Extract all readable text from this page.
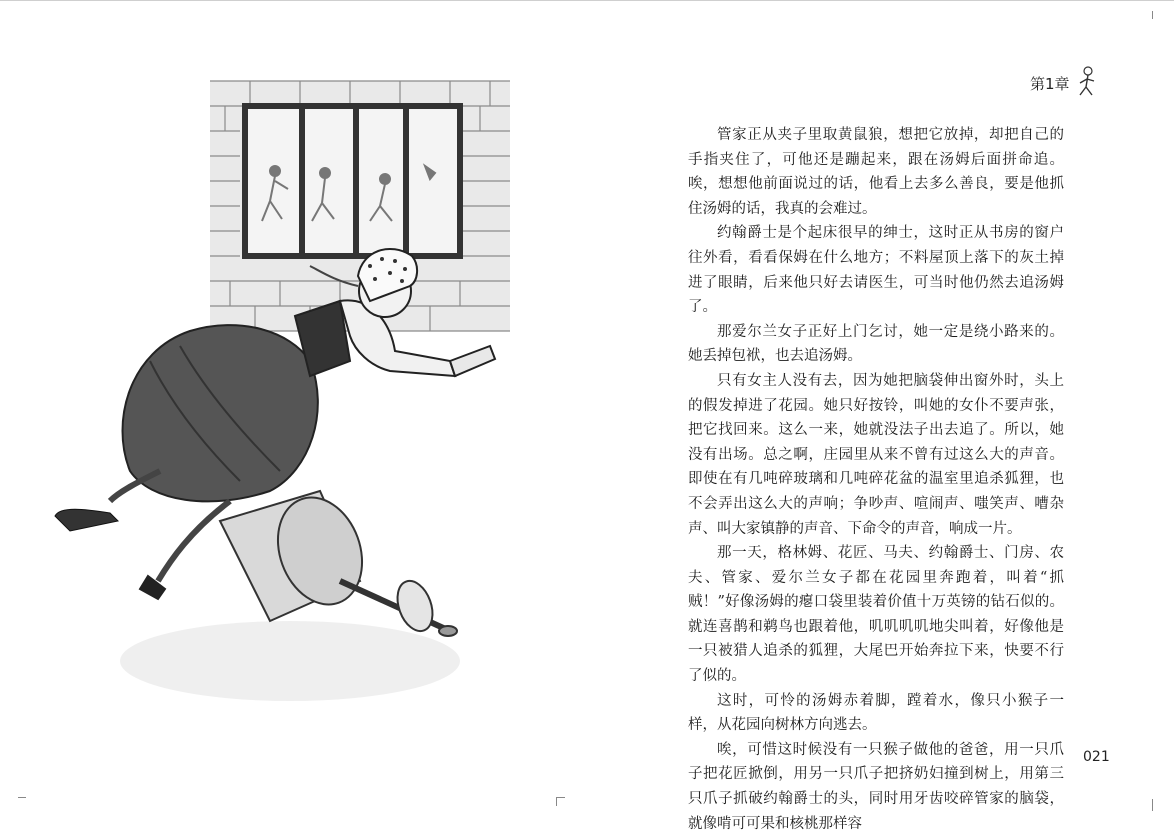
第1章

管家正从夹子里取黄鼠狼，想把它放掉，却把自己的手指夹住了，可他还是蹦起来，跟在汤姆后面拼命追。唉，想想他前面说过的话，他看上去多么善良，要是他抓住汤姆的话，我真的会难过。

约翰爵士是个起床很早的绅士，这时正从书房的窗户往外看，看看保姆在什么地方；不料屋顶上落下的灰土掉进了眼睛，后来他只好去请医生，可当时他仍然去追汤姆了。

那爱尔兰女子正好上门乞讨，她一定是绕小路来的。她丢掉包袱，也去追汤姆。

只有女主人没有去，因为她把脑袋伸出窗外时，头上的假发掉进了花园。她只好按铃，叫她的女仆不要声张，把它找回来。这么一来，她就没法子出去追了。所以，她没有出场。总之啊，庄园里从来不曾有过这么大的声音。即使在有几吨碎玻璃和几吨碎花盆的温室里追杀狐狸，也不会弄出这么大的声响；争吵声、喧闹声、嗤笑声、嘈杂声、叫大家镇静的声音、下命令的声音，响成一片。

那一天，格林姆、花匠、马夫、约翰爵士、门房、农夫、管家、爱尔兰女子都在花园里奔跑着，叫着“抓贼！”好像汤姆的瘪口袋里装着价值十万英镑的钻石似的。就连喜鹊和鹈鸟也跟着他，叽叽叽叽地尖叫着，好像他是一只被猎人追杀的狐狸，大尾巴开始奔拉下来，快要不行了似的。

这时，可怜的汤姆赤着脚，蹚着水，像只小猴子一样，从花园向树林方向逃去。

唉，可惜这时候没有一只猴子做他的爸爸，用一只爪子把花匠掀倒，用另一只爪子把挤奶妇撞到树上，用第三只爪子抓破约翰爵士的头，同时用牙齿咬碎管家的脑袋，就像啃可可果和核桃那样容

021
